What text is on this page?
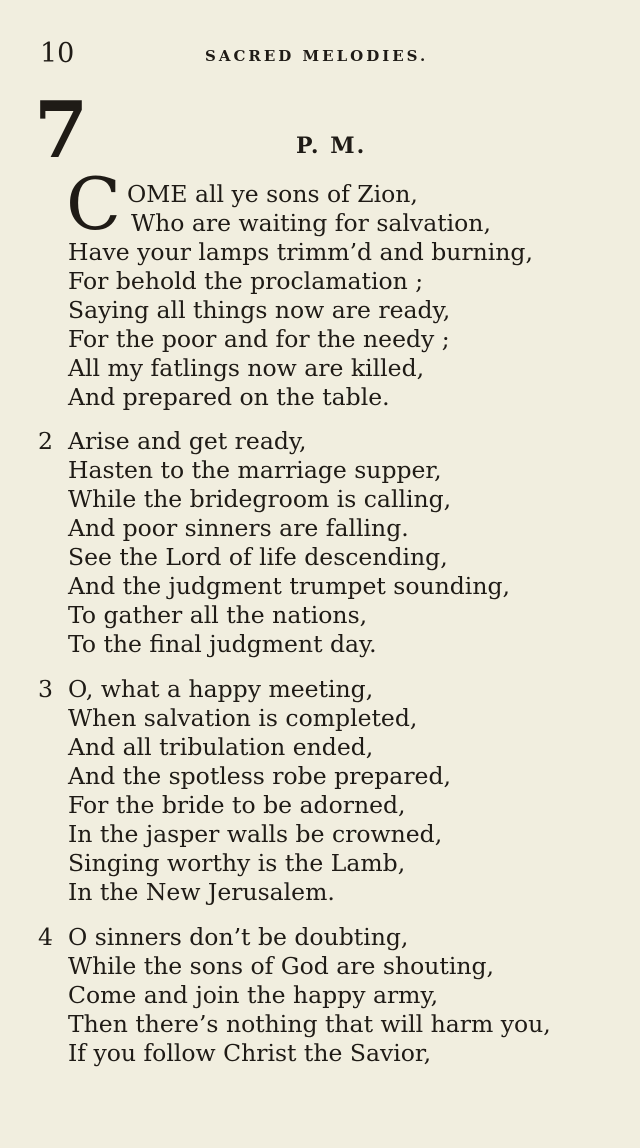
10	SACRED MELODIES.
7	P. M.
C OME all ye sons of Zion,
Who are waiting for salvation,
Have your lamps trimm’d and burning,
For behold the proclamation ;
Saying all things now are ready,
For the poor and for the needy ;
All my fatlings now are killed,
And prepared on the table.
2 Arise and get ready,
Hasten to the marriage supper,
While the bridegroom is calling,
And poor sinners are falling.
See the Lord of life descending,
And the judgment trumpet sounding,
To gather all the nations,
To the final judgment day.
3 O, what a happy meeting,
When salvation is completed,
And all tribulation ended,
And the spotless robe prepared,
For the bride to be adorned,
In the jasper walls be crowned,
Singing worthy is the Lamb,
In the New Jerusalem.
4 O sinners don’t be doubting,
While the sons of God are shouting,
Come and join the happy army,
Then there’s nothing that will harm you,
If you follow Christ the Savior,
